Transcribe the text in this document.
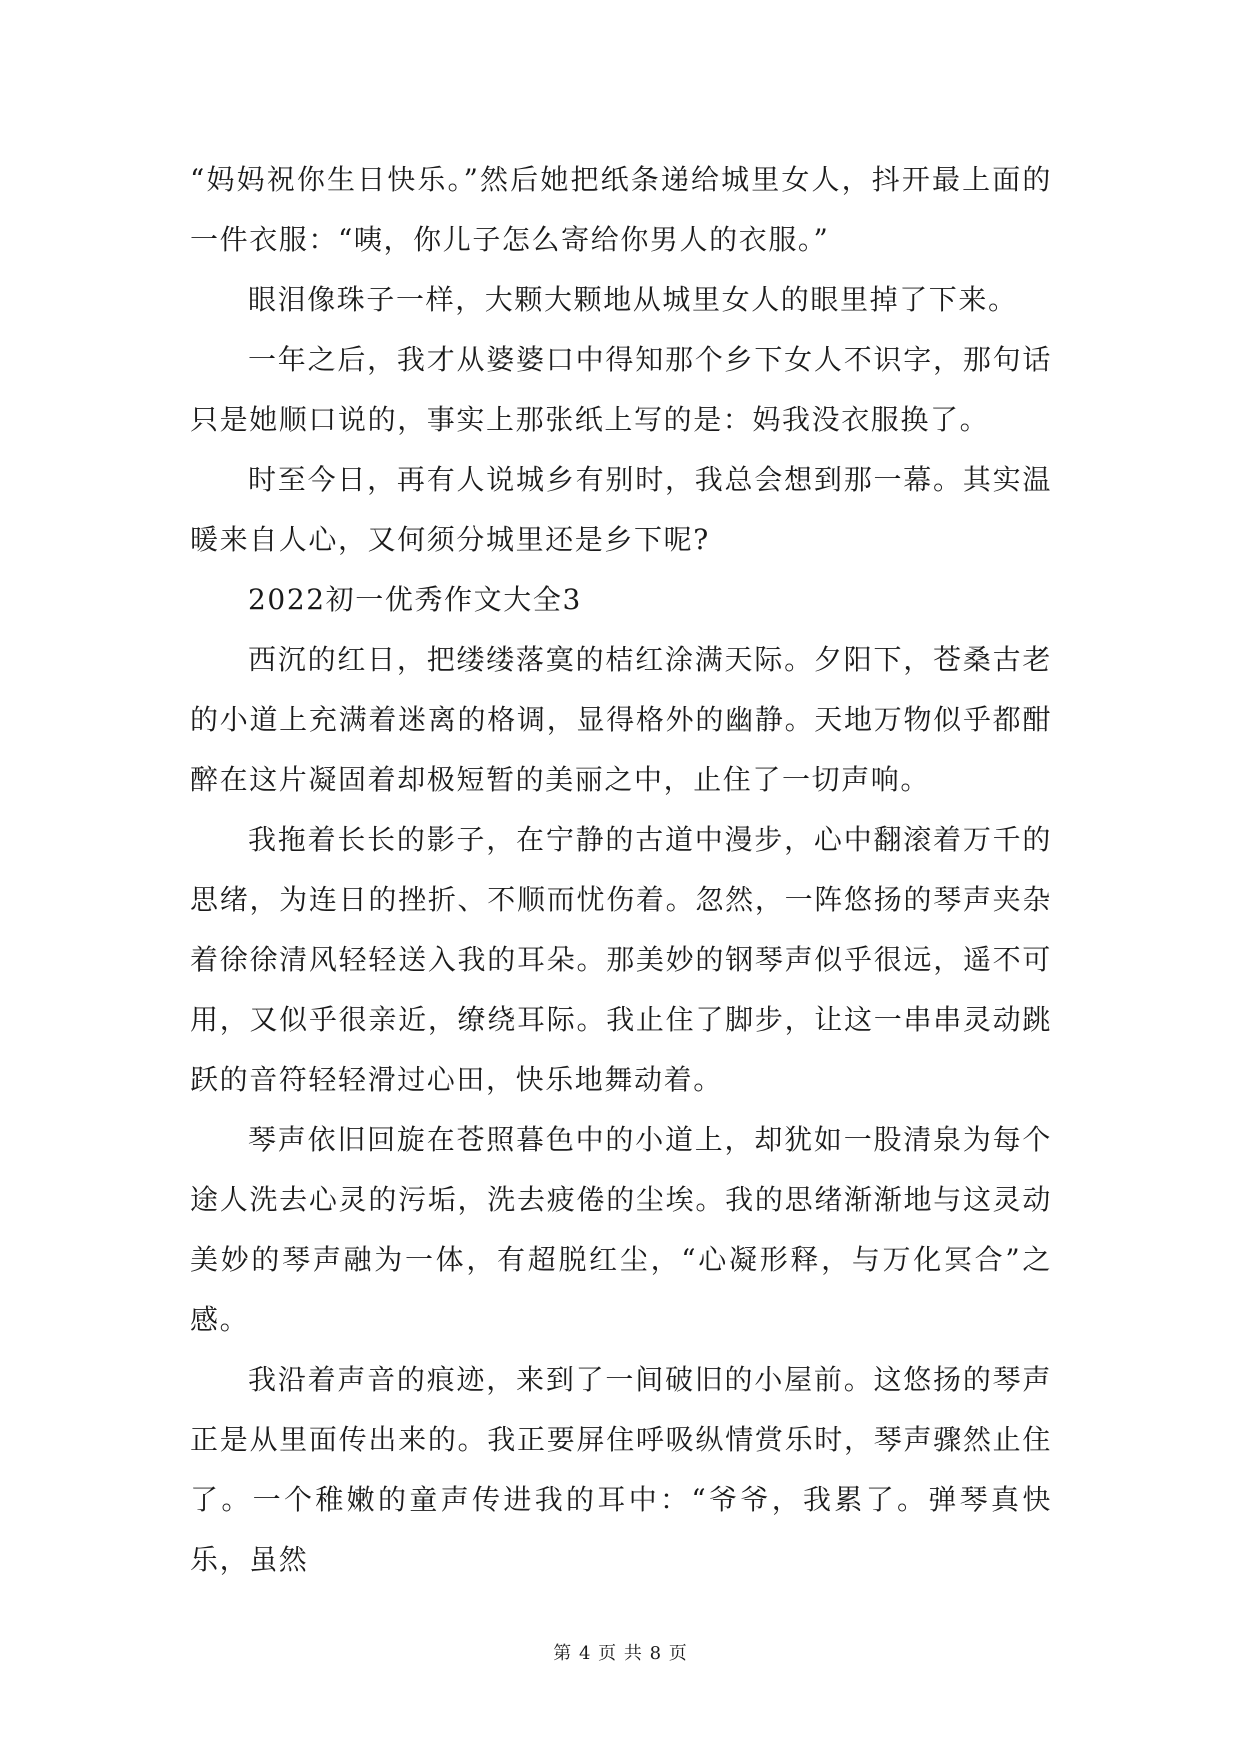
“妈妈祝你生日快乐。”然后她把纸条递给城里女人，抖开最上面的一件衣服：“咦，你儿子怎么寄给你男人的衣服。”

眼泪像珠子一样，大颗大颗地从城里女人的眼里掉了下来。

一年之后，我才从婆婆口中得知那个乡下女人不识字，那句话只是她顺口说的，事实上那张纸上写的是：妈我没衣服换了。

时至今日，再有人说城乡有别时，我总会想到那一幕。其实温暖来自人心，又何须分城里还是乡下呢?

2022初一优秀作文大全3

西沉的红日，把缕缕落寞的桔红涂满天际。夕阳下，苍桑古老的小道上充满着迷离的格调，显得格外的幽静。天地万物似乎都酣醉在这片凝固着却极短暂的美丽之中，止住了一切声响。

我拖着长长的影子，在宁静的古道中漫步，心中翻滚着万千的思绪，为连日的挫折、不顺而忧伤着。忽然，一阵悠扬的琴声夹杂着徐徐清风轻轻送入我的耳朵。那美妙的钢琴声似乎很远，遥不可用，又似乎很亲近，缭绕耳际。我止住了脚步，让这一串串灵动跳跃的音符轻轻滑过心田，快乐地舞动着。

琴声依旧回旋在苍照暮色中的小道上，却犹如一股清泉为每个途人洗去心灵的污垢，洗去疲倦的尘埃。我的思绪渐渐地与这灵动美妙的琴声融为一体，有超脱红尘，“心凝形释，与万化冥合”之感。

我沿着声音的痕迹，来到了一间破旧的小屋前。这悠扬的琴声正是从里面传出来的。我正要屏住呼吸纵情赏乐时，琴声骤然止住了。一个稚嫩的童声传进我的耳中：“爷爷，我累了。弹琴真快乐，虽然

第 4 页 共 8 页
